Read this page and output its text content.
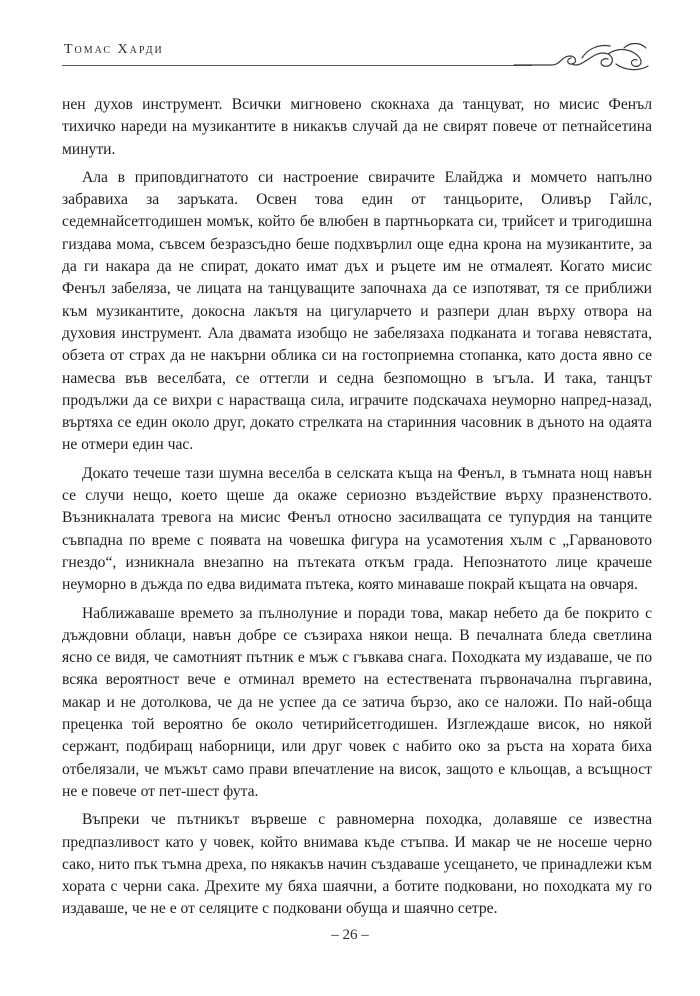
Томас Харди

нен духов инструмент. Всички мигновено скокнаха да танцуват, но мисис Фенъл тихичко нареди на музикантите в никакъв случай да не свирят повече от петнайсетина минути.

Ала в приповдигнатото си настроение свирачите Елайджа и момчето напълно забравиха за заръката. Освен това един от танцьорите, Оливър Гайлс, седемнайсетгодишен момък, който бе влюбен в партньорката си, трийсет и тригодишна гиздава мома, съвсем безразсъдно беше подхвърлил още една крона на музикантите, за да ги накара да не спират, докато имат дъх и ръцете им не отмалеят. Когато мисис Фенъл забеляза, че лицата на танцуващите започнаха да се изпотяват, тя се приближи към музикантите, докосна лакътя на цигуларчето и разпери длан върху отвора на духовия инструмент. Ала двамата изобщо не забелязаха подканата и тогава невястата, обзета от страх да не накърни облика си на гостоприемна стопанка, като доста явно се намесва във веселбата, се оттегли и седна безпомощно в ъгъла. И така, танцът продължи да се вихри с нарастваща сила, играчите подскачаха неуморно напред-назад, въртяха се един около друг, докато стрелката на старинния часовник в дъното на одаята не отмери един час.

Докато течеше тази шумна веселба в селската къща на Фенъл, в тъмната нощ навън се случи нещо, което щеше да окаже сериозно въздействие върху празненството. Възникналата тревога на мисис Фенъл относно засилващата се тупурдия на танците съвпадна по време с появата на човешка фигура на усамотения хълм с „Гарвановото гнездо“, изникнала внезапно на пътеката откъм града. Непознатото лице крачеше неуморно в дъжда по едва видимата пътека, която минаваше покрай къщата на овчаря.

Наближаваше времето за пълнолуние и поради това, макар небето да бе покрито с дъждовни облаци, навън добре се съзираха някои неща. В печалната бледа светлина ясно се видя, че самотният пътник е мъж с гъвкава снага. Походката му издаваше, че по всяка вероятност вече е отминал времето на естествената първоначална пъргавина, макар и не дотолкова, че да не успее да се затича бързо, ако се наложи. По най-обща преценка той вероятно бе около четирийсетгодишен. Изглеждаше висок, но някой сержант, подбиращ наборници, или друг човек с набито око за ръста на хората биха отбелязали, че мъжът само прави впечатление на висок, защото е кльощав, а всъщност не е повече от пет-шест фута.

Въпреки че пътникът вървеше с равномерна походка, долавяше се известна предпазливост като у човек, който внимава къде стъпва. И макар че не носеше черно сако, нито пък тъмна дреха, по някакъв начин създаваше усещането, че принадлежи към хората с черни сака. Дрехите му бяха шаячни, а ботите подковани, но походката му го издаваше, че не е от селяците с подковани обуща и шаячно сетре.

– 26 –
